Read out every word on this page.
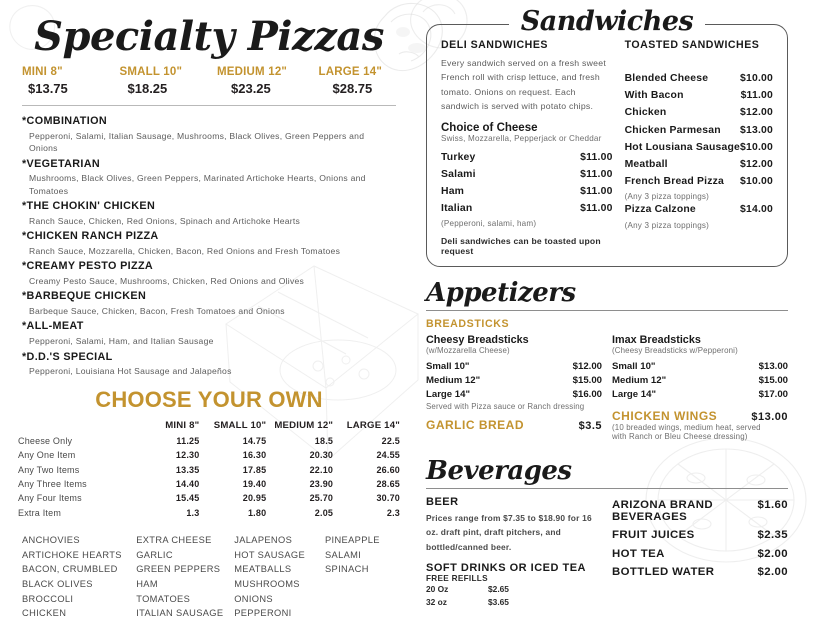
Specialty Pizzas
MINI 8"
$13.75
SMALL 10"
$18.25
MEDIUM 12"
$23.25
LARGE 14"
$28.75
*COMBINATION
Pepperoni, Salami, Italian Sausage, Mushrooms, Black Olives, Green Peppers and Onions
*VEGETARIAN
Mushrooms, Black Olives, Green Peppers, Marinated Artichoke Hearts, Onions and Tomatoes
*THE CHOKIN' CHICKEN
Ranch Sauce, Chicken, Red Onions, Spinach and Artichoke Hearts
*CHICKEN RANCH PIZZA
Ranch Sauce, Mozzarella, Chicken, Bacon, Red Onions and Fresh Tomatoes
*CREAMY PESTO PIZZA
Creamy Pesto Sauce, Mushrooms, Chicken, Red Onions and Olives
*BARBEQUE CHICKEN
Barbeque Sauce, Chicken, Bacon, Fresh Tomatoes and Onions
*ALL-MEAT
Pepperoni, Salami, Ham, and Italian Sausage
*D.D.'S SPECIAL
Pepperoni, Louisiana Hot Sausage and Jalapeños
CHOOSE YOUR OWN
	MINI 8"	SMALL 10"	MEDIUM 12"	LARGE 14"
Cheese Only	11.25	14.75	18.5	22.5
Any One Item	12.30	16.30	20.30	24.55
Any Two Items	13.35	17.85	22.10	26.60
Any Three Items	14.40	19.40	23.90	28.65
Any Four Items	15.45	20.95	25.70	30.70
Extra Item	1.3	1.80	2.05	2.3
ANCHOVIES
ARTICHOKE HEARTS
BACON, CRUMBLED
BLACK OLIVES
BROCCOLI
CHICKEN
EXTRA CHEESE
GARLIC
GREEN PEPPERS
HAM
TOMATOES
ITALIAN SAUSAGE
JALAPENOS
HOT SAUSAGE
MEATBALLS
MUSHROOMS
ONIONS
PEPPERONI
PINEAPPLE
SALAMI
SPINACH
Sandwiches
DELI SANDWICHES
Every sandwich served on a fresh sweet French roll with crisp lettuce, and fresh tomato. Onions on request. Each sandwich is served with potato chips.
Choice of Cheese
Swiss, Mozzarella, Pepperjack or Cheddar
Turkey	$11.00
Salami	$11.00
Ham	$11.00
Italian	$11.00
(Pepperoni, salami, ham)
Deli sandwiches can be toasted upon request
TOASTED SANDWICHES
Blended Cheese	$10.00
With Bacon	$11.00
Chicken	$12.00
Chicken Parmesan $13.00
Hot Lousiana Sausage $10.00
Meatball	$12.00
French Bread Pizza $10.00
(Any 3 pizza toppings)
Pizza Calzone	$14.00
(Any 3 pizza toppings)
Appetizers
BREADSTICKS
Cheesy Breadsticks
(w/Mozzarella Cheese)
Small 10"	$12.00
Medium 12"	$15.00
Large 14"	$16.00
Served with Pizza sauce or Ranch dressing
GARLIC BREAD	$3.5
Imax Breadsticks
(Cheesy Breadsticks w/Pepperoni)
Small 10"	$13.00
Medium 12"	$15.00
Large 14"	$17.00
CHICKEN WINGS	$13.00
(10 breaded wings, medium heat, served with Ranch or Bleu Cheese dressing)
Beverages
BEER
Prices range from $7.35 to $18.90 for 16 oz. draft pint, draft pitchers, and bottled/canned beer.
SOFT DRINKS OR ICED TEA
FREE REFILLS
20 Oz	$2.65
32 oz	$3.65
ARIZONA BRAND BEVERAGES
$1.60
FRUIT JUICES	$2.35
HOT TEA	$2.00
BOTTLED WATER	$2.00
